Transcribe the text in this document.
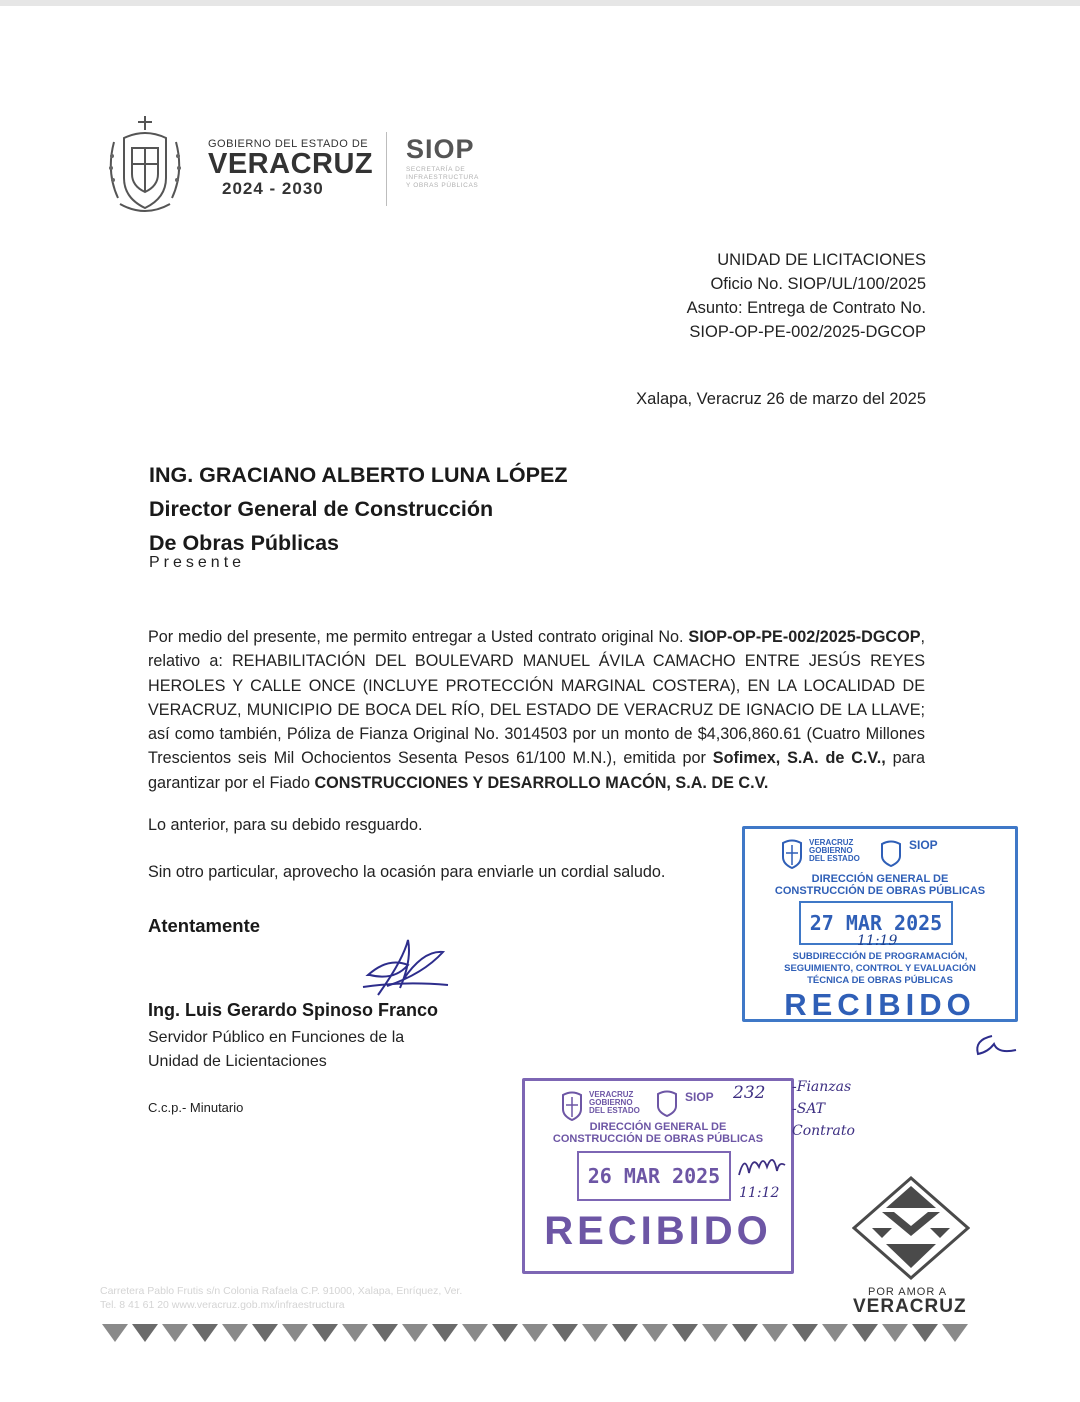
GOBIERNO DEL ESTADO DE
VERACRUZ
2024 - 2030
SIOP
SECRETARÍA DE
INFRAESTRUCTURA
Y OBRAS PÚBLICAS
UNIDAD DE LICITACIONES
Oficio No. SIOP/UL/100/2025
Asunto: Entrega de Contrato No.
SIOP-OP-PE-002/2025-DGCOP
Xalapa, Veracruz 26 de marzo del 2025
ING. GRACIANO ALBERTO LUNA LÓPEZ
Director General de Construcción
De Obras Públicas
Presente
Por medio del presente, me permito entregar a Usted contrato original No. SIOP-OP-PE-002/2025-DGCOP, relativo a: REHABILITACIÓN DEL BOULEVARD MANUEL ÁVILA CAMACHO ENTRE JESÚS REYES HEROLES Y CALLE ONCE (INCLUYE PROTECCIÓN MARGINAL COSTERA), EN LA LOCALIDAD DE VERACRUZ, MUNICIPIO DE BOCA DEL RÍO, DEL ESTADO DE VERACRUZ DE IGNACIO DE LA LLAVE; así como también, Póliza de Fianza Original No. 3014503 por un monto de $4,306,860.61 (Cuatro Millones Trescientos seis Mil Ochocientos Sesenta Pesos 61/100 M.N.), emitida por Sofimex, S.A. de C.V., para garantizar por el Fiado CONSTRUCCIONES Y DESARROLLO MACÓN, S.A. DE C.V.
Lo anterior, para su debido resguardo.
Sin otro particular, aprovecho la ocasión para enviarle un cordial saludo.
Atentamente
Ing. Luis Gerardo Spinoso Franco
Servidor Público en Funciones de la
Unidad de Licientaciones
C.c.p.- Minutario
VERACRUZ GOBIERNO DEL ESTADO
SIOP
DIRECCIÓN GENERAL DE
CONSTRUCCIÓN DE OBRAS PÚBLICAS
27 MAR 2025
11:19
SUBDIRECCIÓN DE PROGRAMACIÓN,
SEGUIMIENTO, CONTROL Y EVALUACIÓN
TÉCNICA DE OBRAS PÚBLICAS
RECIBIDO
VERACRUZ GOBIERNO DEL ESTADO
SIOP 232
DIRECCIÓN GENERAL DE
CONSTRUCCIÓN DE OBRAS PÚBLICAS
26 MAR 2025
11:12
RECIBIDO
-Fianzas
-SAT
Contrato
Carretera Pablo Frutis s/n Colonia Rafaela C.P. 91000, Xalapa, Enríquez, Ver.
Tel. 8 41 61 20 www.veracruz.gob.mx/infraestructura
POR AMOR A
VERACRUZ
